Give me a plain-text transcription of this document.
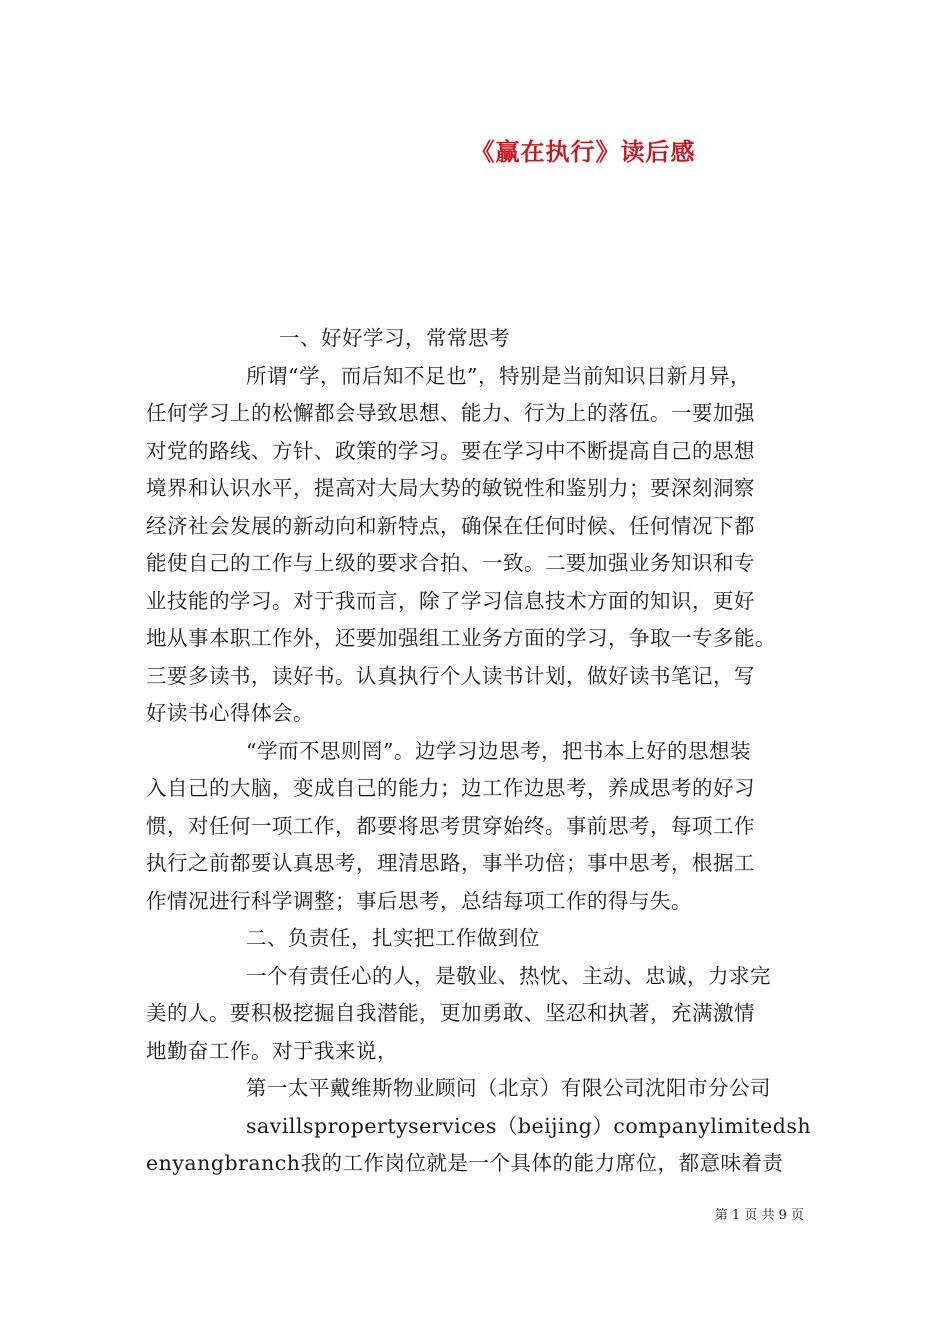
《赢在执行》读后感
一、好好学习，常常思考
所谓“学，而后知不足也”，特别是当前知识日新月异，
任何学习上的松懈都会导致思想、能力、行为上的落伍。一要加强
对党的路线、方针、政策的学习。要在学习中不断提高自己的思想
境界和认识水平，提高对大局大势的敏锐性和鉴别力；要深刻洞察
经济社会发展的新动向和新特点，确保在任何时候、任何情况下都
能使自己的工作与上级的要求合拍、一致。二要加强业务知识和专
业技能的学习。对于我而言，除了学习信息技术方面的知识，更好
地从事本职工作外，还要加强组工业务方面的学习，争取一专多能。
三要多读书，读好书。认真执行个人读书计划，做好读书笔记，写
好读书心得体会。
“学而不思则罔”。边学习边思考，把书本上好的思想装
入自己的大脑，变成自己的能力；边工作边思考，养成思考的好习
惯，对任何一项工作，都要将思考贯穿始终。事前思考，每项工作
执行之前都要认真思考，理清思路，事半功倍；事中思考，根据工
作情况进行科学调整；事后思考，总结每项工作的得与失。
二、负责任，扎实把工作做到位
一个有责任心的人，是敬业、热忱、主动、忠诚，力求完
美的人。要积极挖掘自我潜能，更加勇敢、坚忍和执著，充满激情
地勤奋工作。对于我来说，
第一太平戴维斯物业顾问（北京）有限公司沈阳市分公司
savillspropertyservices（beijing）companylimitedsh
enyangbranch我的工作岗位就是一个具体的能力席位，都意味着责
第 1 页 共 9 页
